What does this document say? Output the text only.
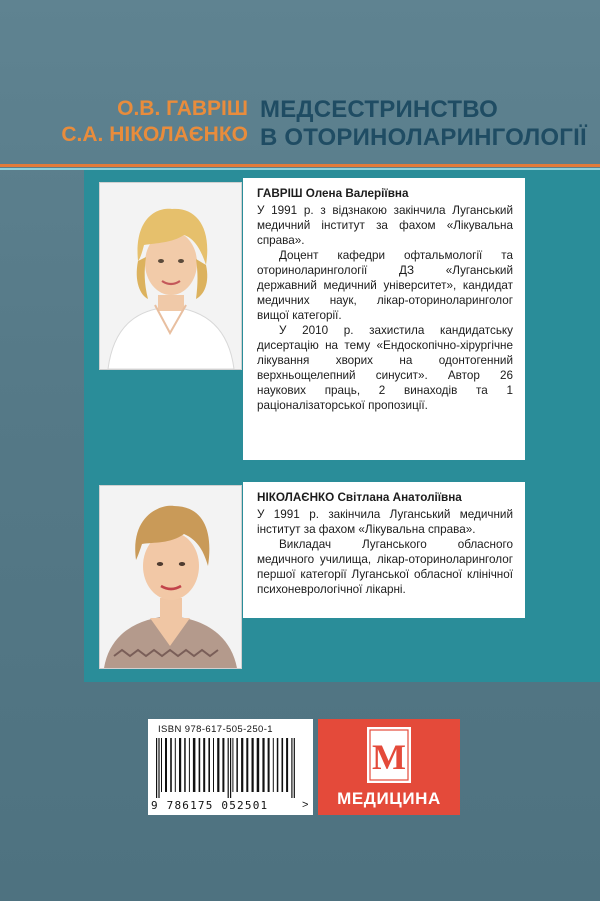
О.В. ГАВРІШ
С.А. НІКОЛАЄНКО
МЕДСЕСТРИНСТВО
В ОТОРИНОЛАРИНГОЛОГІЇ

ГАВРІШ Олена Валеріївна

У 1991 р. з відзнакою закінчила Луганський медичний інститут за фахом «Лікувальна справа».

Доцент кафедри офтальмології та оториноларингології ДЗ «Луганський державний медичний університет», кандидат медичних наук, лікар-оториноларинголог вищої категорії.

У 2010 р. захистила кандидатську дисертацію на тему «Ендоскопічно-хірургічне лікування хворих на одонтогенний верхньощелепний синусит». Автор 26 наукових праць, 2 винаходів та 1 раціоналізаторської пропозиції.

НІКОЛАЄНКО Світлана Анатоліївна

У 1991 р. закінчила Луганський медичний інститут за фахом «Лікувальна справа».

Викладач Луганського обласного медичного училища, лікар-оториноларинголог першої категорії Луганської обласної клінічної психоневрологічної лікарні.

ISBN 978-617-505-250-1
9 786175 052501	>
M
МЕДИЦИНА
